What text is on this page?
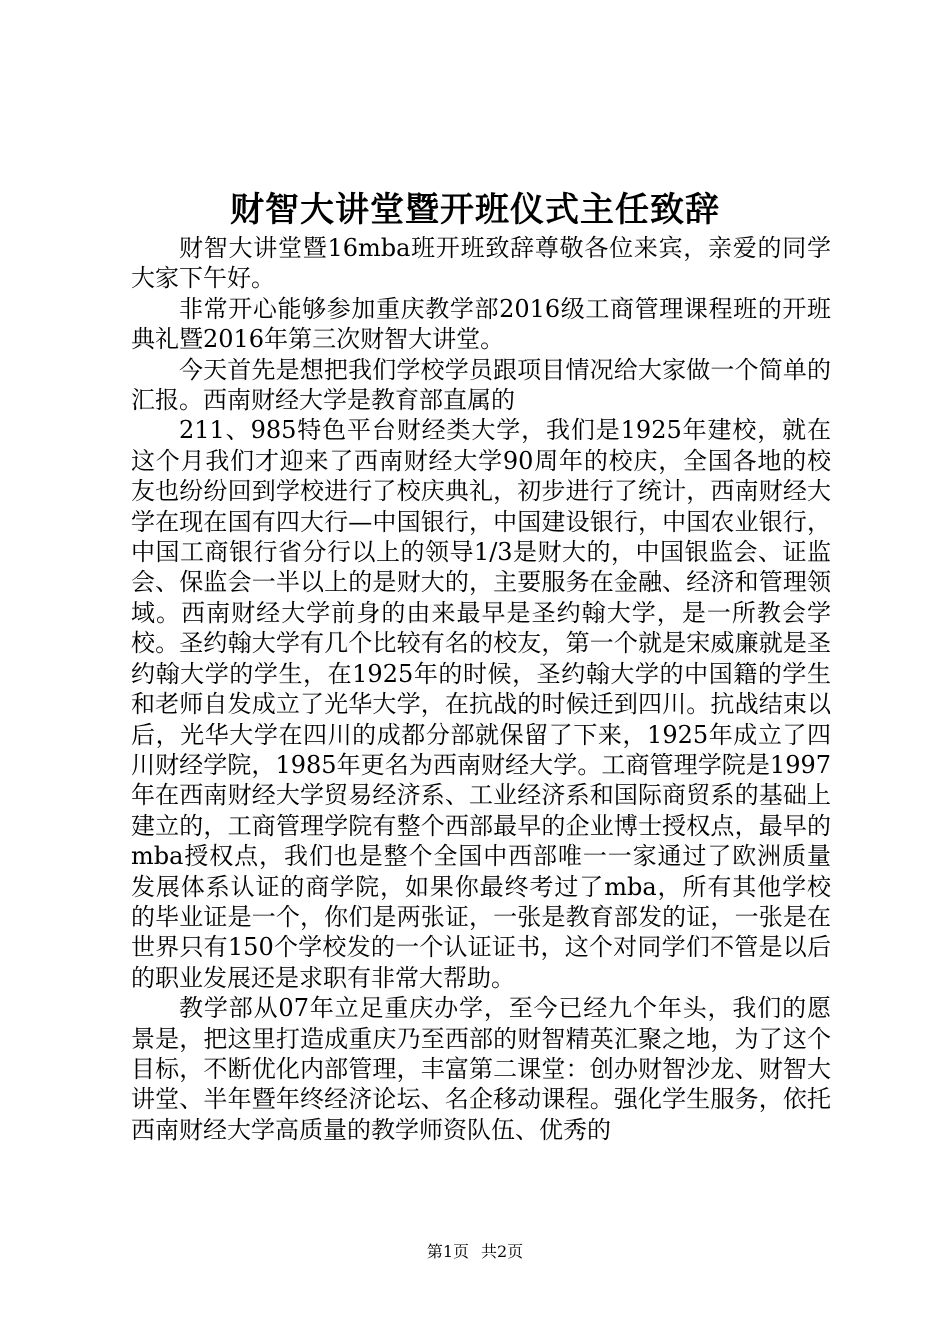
财智大讲堂暨开班仪式主任致辞

财智大讲堂暨16mba班开班致辞尊敬各位来宾，亲爱的同学大家下午好。

非常开心能够参加重庆教学部2016级工商管理课程班的开班典礼暨2016年第三次财智大讲堂。

今天首先是想把我们学校学员跟项目情况给大家做一个简单的汇报。西南财经大学是教育部直属的

211、985特色平台财经类大学，我们是1925年建校，就在这个月我们才迎来了西南财经大学90周年的校庆，全国各地的校友也纷纷回到学校进行了校庆典礼，初步进行了统计，西南财经大学在现在国有四大行—中国银行，中国建设银行，中国农业银行，中国工商银行省分行以上的领导1/3是财大的，中国银监会、证监会、保监会一半以上的是财大的，主要服务在金融、经济和管理领域。西南财经大学前身的由来最早是圣约翰大学，是一所教会学校。圣约翰大学有几个比较有名的校友，第一个就是宋威廉就是圣约翰大学的学生，在1925年的时候，圣约翰大学的中国籍的学生和老师自发成立了光华大学，在抗战的时候迁到四川。抗战结束以后，光华大学在四川的成都分部就保留了下来，1925年成立了四川财经学院，1985年更名为西南财经大学。工商管理学院是1997年在西南财经大学贸易经济系、工业经济系和国际商贸系的基础上建立的，工商管理学院有整个西部最早的企业博士授权点，最早的mba授权点，我们也是整个全国中西部唯一一家通过了欧洲质量发展体系认证的商学院，如果你最终考过了mba，所有其他学校的毕业证是一个，你们是两张证，一张是教育部发的证，一张是在世界只有150个学校发的一个认证证书，这个对同学们不管是以后的职业发展还是求职有非常大帮助。

教学部从07年立足重庆办学，至今已经九个年头，我们的愿景是，把这里打造成重庆乃至西部的财智精英汇聚之地，为了这个目标，不断优化内部管理，丰富第二课堂：创办财智沙龙、财智大讲堂、半年暨年终经济论坛、名企移动课程。强化学生服务，依托西南财经大学高质量的教学师资队伍、优秀的

第1页 共2页
